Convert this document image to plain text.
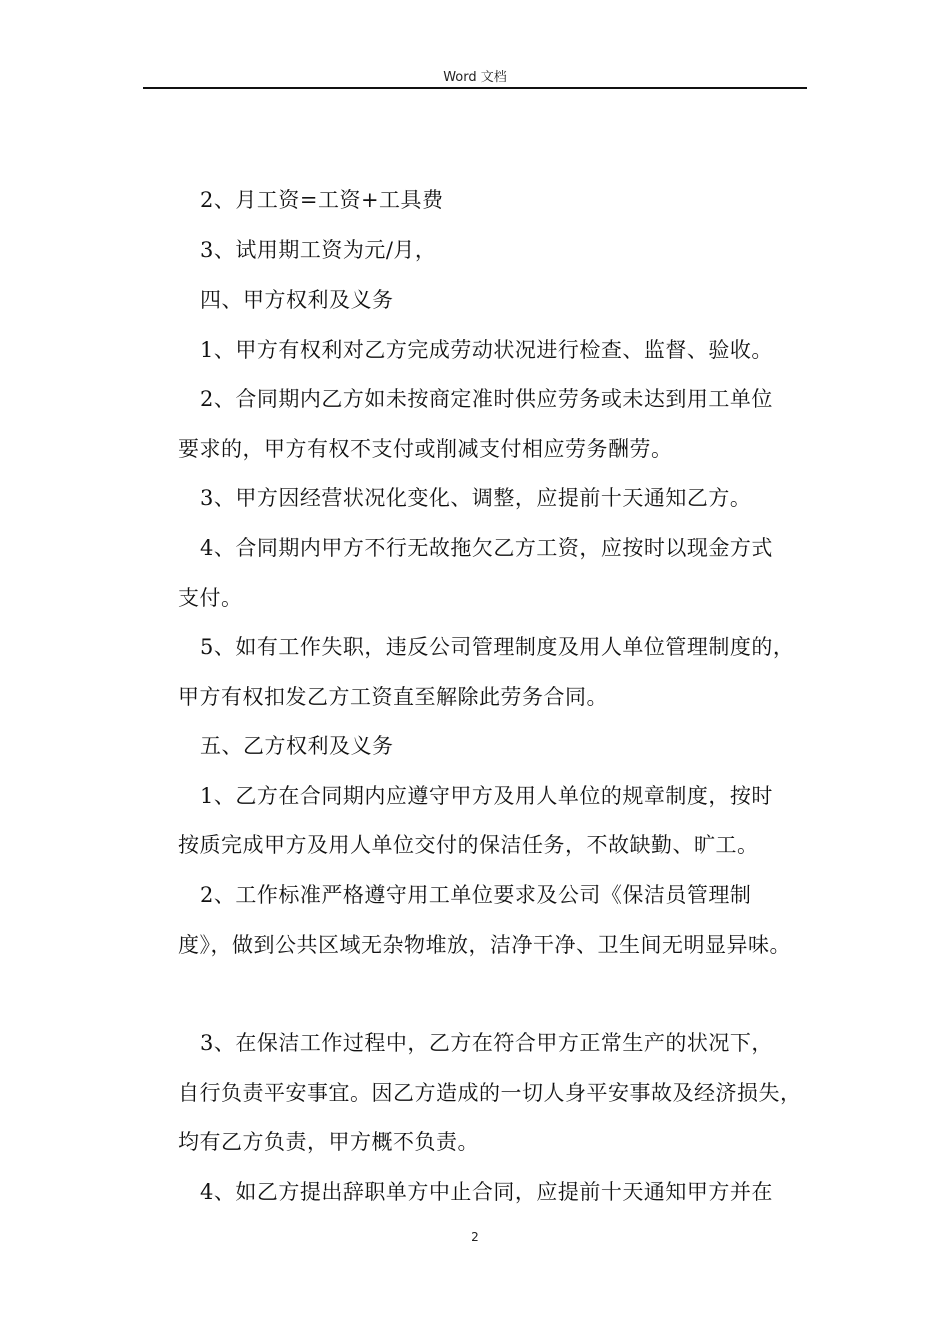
Word 文档
2、月工资=工资+工具费
3、试用期工资为元/月，
四、甲方权利及义务
1、甲方有权利对乙方完成劳动状况进行检查、监督、验收。
2、合同期内乙方如未按商定准时供应劳务或未达到用工单位
要求的，甲方有权不支付或削减支付相应劳务酬劳。
3、甲方因经营状况化变化、调整，应提前十天通知乙方。
4、合同期内甲方不行无故拖欠乙方工资，应按时以现金方式
支付。
5、如有工作失职，违反公司管理制度及用人单位管理制度的，
甲方有权扣发乙方工资直至解除此劳务合同。
五、乙方权利及义务
1、乙方在合同期内应遵守甲方及用人单位的规章制度，按时
按质完成甲方及用人单位交付的保洁任务，不故缺勤、旷工。
2、工作标准严格遵守用工单位要求及公司《保洁员管理制
度》，做到公共区域无杂物堆放，洁净干净、卫生间无明显异味。
3、在保洁工作过程中，乙方在符合甲方正常生产的状况下，
自行负责平安事宜。因乙方造成的一切人身平安事故及经济损失，
均有乙方负责，甲方概不负责。
4、如乙方提出辞职单方中止合同，应提前十天通知甲方并在
2
